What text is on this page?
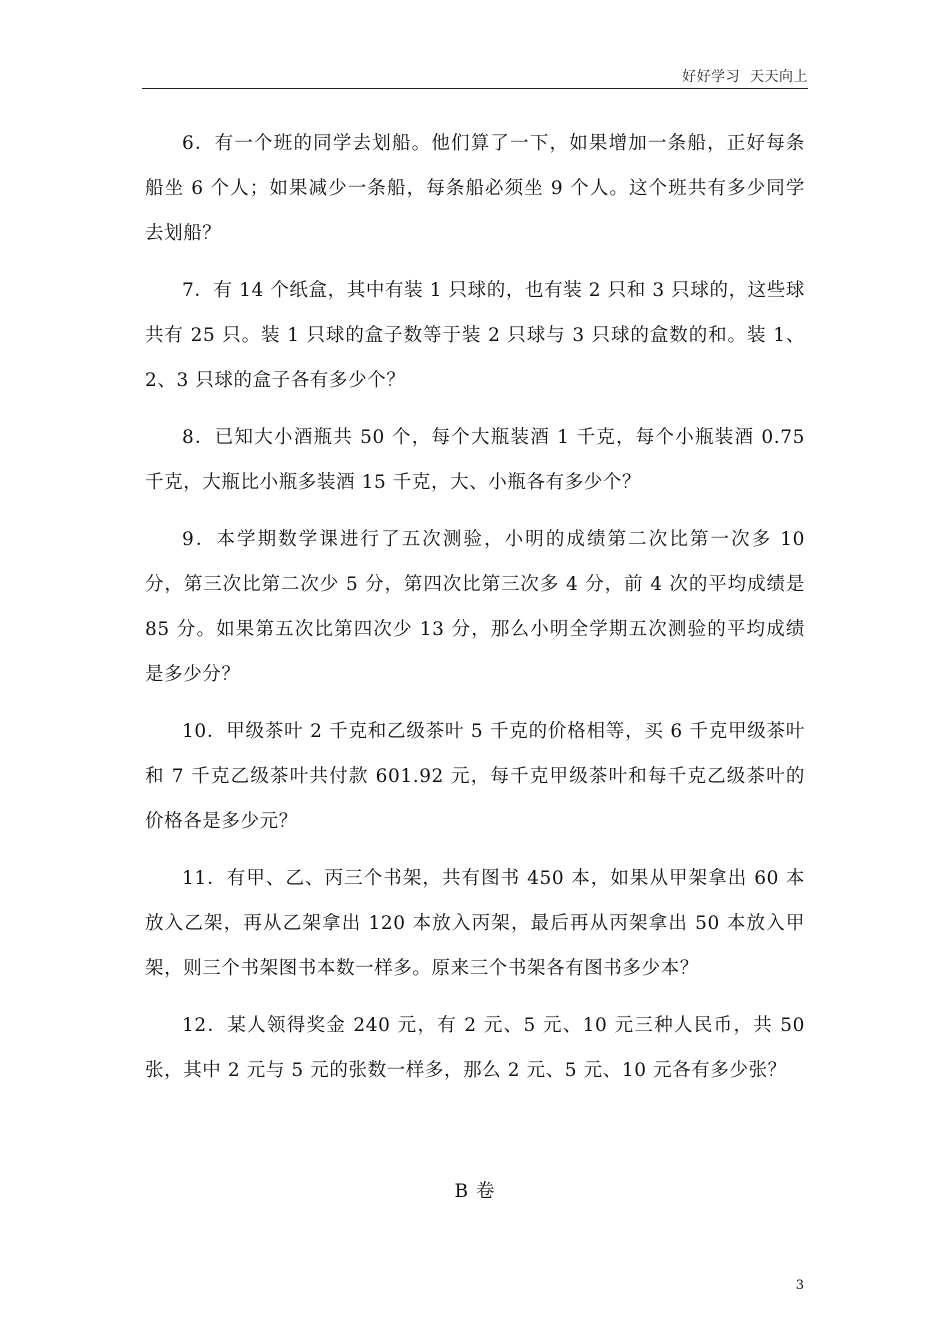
好好学习  天天向上

6．有一个班的同学去划船。他们算了一下，如果增加一条船，正好每条船坐 6 个人；如果减少一条船，每条船必须坐 9 个人。这个班共有多少同学去划船？

7．有 14 个纸盒，其中有装 1 只球的，也有装 2 只和 3 只球的，这些球共有 25 只。装 1 只球的盒子数等于装 2 只球与 3 只球的盒数的和。装 1、2、3 只球的盒子各有多少个？

8．已知大小酒瓶共 50 个，每个大瓶装酒 1 千克，每个小瓶装酒 0.75 千克，大瓶比小瓶多装酒 15 千克，大、小瓶各有多少个？

9．本学期数学课进行了五次测验，小明的成绩第二次比第一次多 10 分，第三次比第二次少 5 分，第四次比第三次多 4 分，前 4 次的平均成绩是 85 分。如果第五次比第四次少 13 分，那么小明全学期五次测验的平均成绩是多少分？

10．甲级茶叶 2 千克和乙级茶叶 5 千克的价格相等，买 6 千克甲级茶叶和 7 千克乙级茶叶共付款 601.92 元，每千克甲级茶叶和每千克乙级茶叶的价格各是多少元？

11．有甲、乙、丙三个书架，共有图书 450 本，如果从甲架拿出 60 本放入乙架，再从乙架拿出 120 本放入丙架，最后再从丙架拿出 50 本放入甲架，则三个书架图书本数一样多。原来三个书架各有图书多少本？

12．某人领得奖金 240 元，有 2 元、5 元、10 元三种人民币，共 50 张，其中 2 元与 5 元的张数一样多，那么 2 元、5 元、10 元各有多少张？

B 卷
3
